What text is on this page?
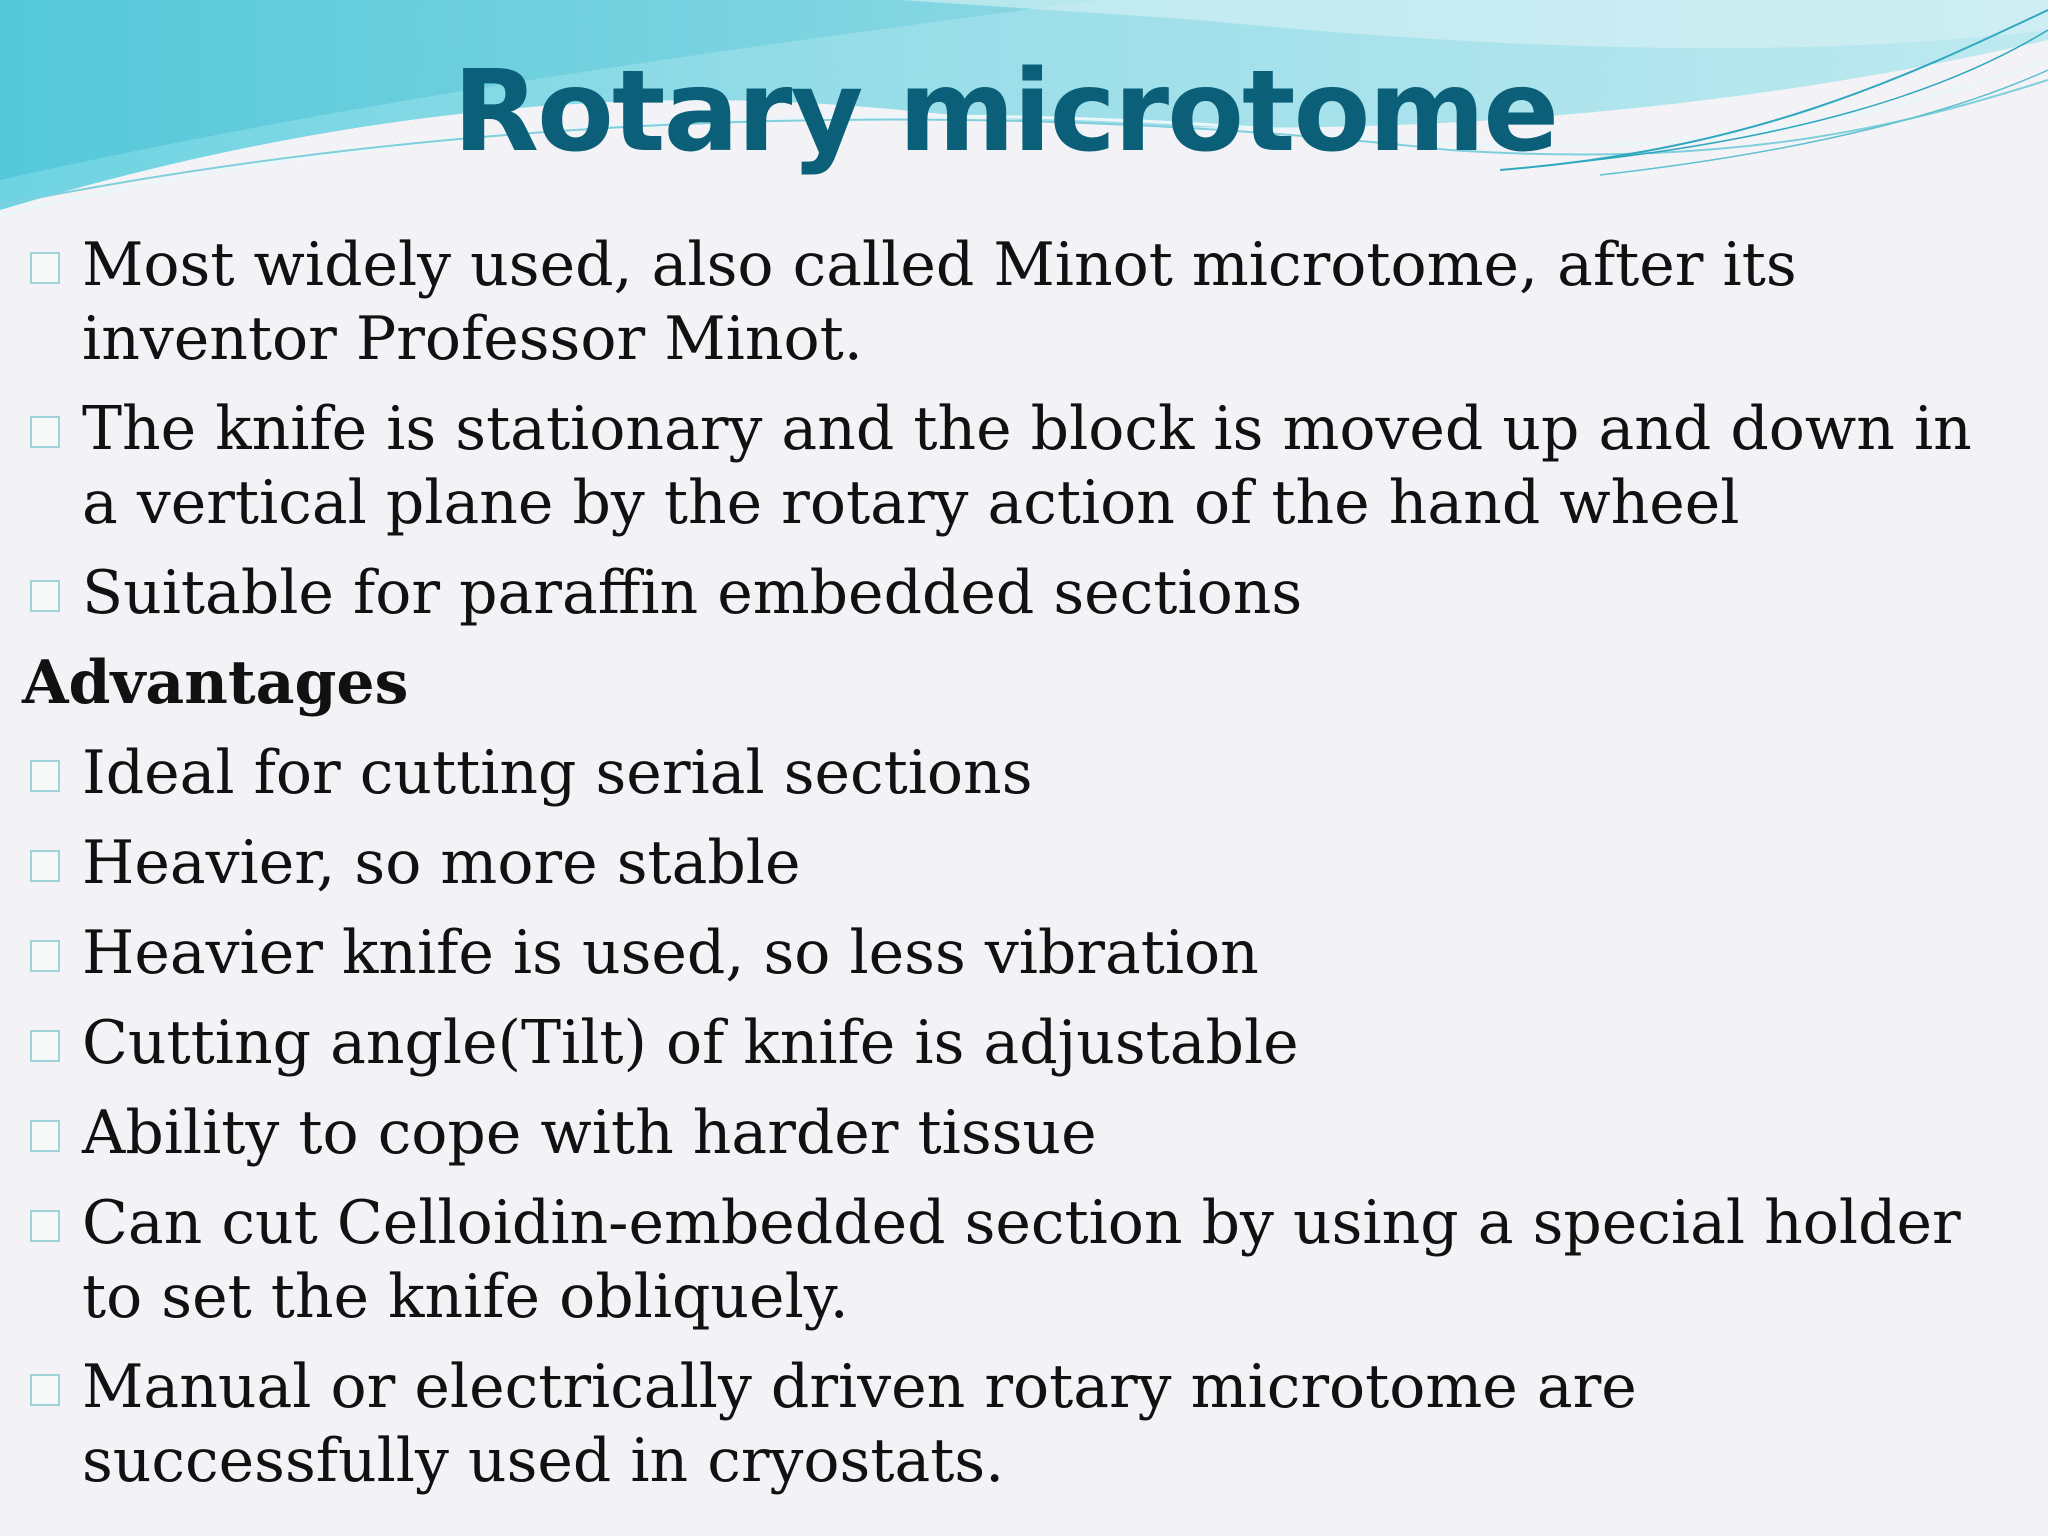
Rotary microtome
Most widely used, also called Minot microtome, after its inventor Professor Minot.
The knife is stationary and the block is moved up and down in a vertical plane by the rotary action of the hand wheel
Suitable for paraffin embedded sections
Advantages
Ideal for cutting serial sections
Heavier, so more stable
Heavier knife is used, so less vibration
Cutting angle(Tilt) of knife is adjustable
Ability to cope with harder tissue
Can cut Celloidin-embedded section by using a special holder to set the knife obliquely.
Manual or electrically driven rotary microtome are successfully used in cryostats.
